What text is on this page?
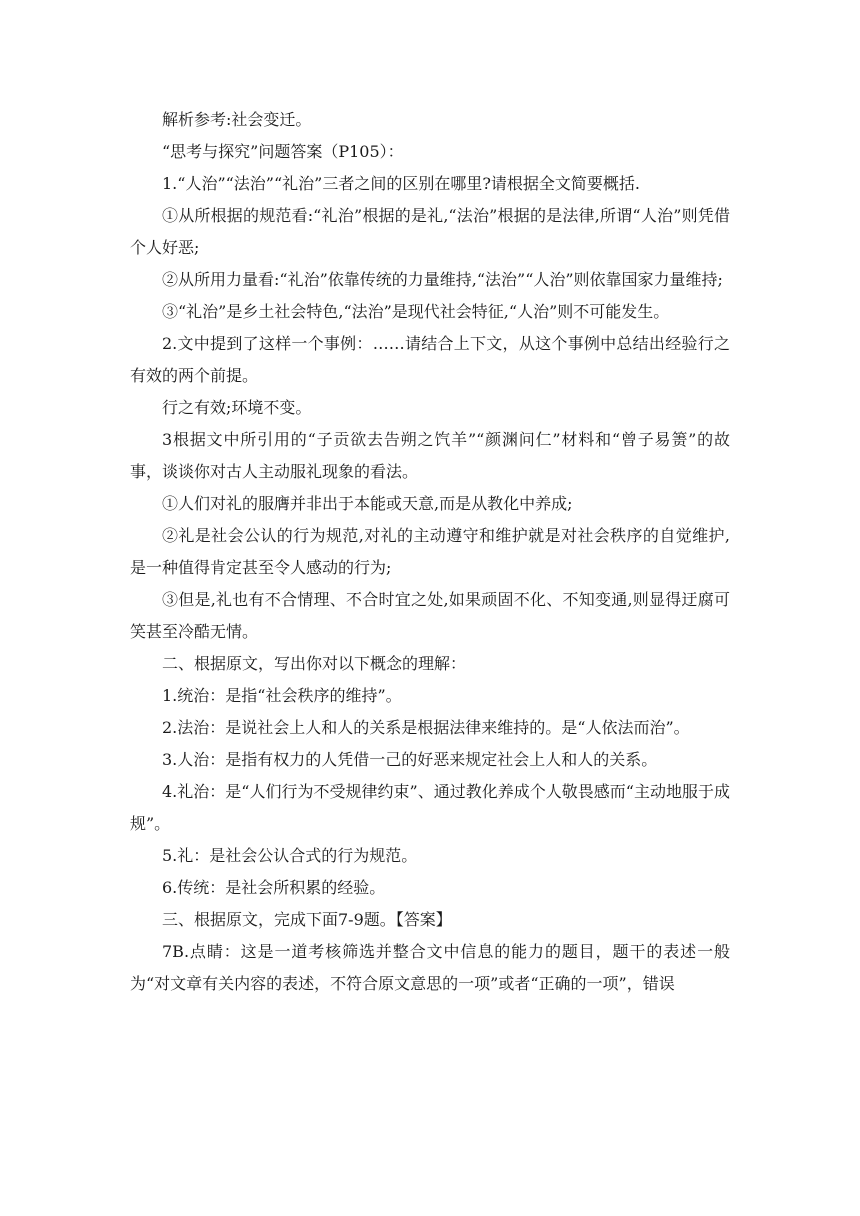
解析参考:社会变迁。

“思考与探究”问题答案（P105）：

1.“人治”“法治”“礼治”三者之间的区别在哪里?请根据全文简要概括.

①从所根据的规范看:“礼治”根据的是礼,“法治”根据的是法律,所谓“人治”则凭借个人好恶;

②从所用力量看:“礼治”依靠传统的力量维持,“法治”“人治”则依靠国家力量维持;

③“礼治”是乡土社会特色,“法治”是现代社会特征,“人治”则不可能发生。

2.文中提到了这样一个事例：……请结合上下文，从这个事例中总结出经验行之有效的两个前提。

行之有效;环境不变。

3根据文中所引用的“子贡欲去告朔之饩羊”“颜渊问仁”材料和“曾子易箦”的故事，谈谈你对古人主动服礼现象的看法。

①人们对礼的服膺并非出于本能或天意,而是从教化中养成;

②礼是社会公认的行为规范,对礼的主动遵守和维护就是对社会秩序的自觉维护,是一种值得肯定甚至令人感动的行为;

③但是,礼也有不合情理、不合时宜之处,如果顽固不化、不知变通,则显得迂腐可笑甚至冷酷无情。

二、根据原文，写出你对以下概念的理解：

1.统治：是指“社会秩序的维持”。

2.法治：是说社会上人和人的关系是根据法律来维持的。是“人依法而治”。

3.人治：是指有权力的人凭借一己的好恶来规定社会上人和人的关系。

4.礼治：是“人们行为不受规律约束”、通过教化养成个人敬畏感而“主动地服于成规”。

5.礼：是社会公认合式的行为规范。

6.传统：是社会所积累的经验。

三、根据原文，完成下面7-9题。【答案】

7B.点睛：这是一道考核筛选并整合文中信息的能力的题目，题干的表述一般为“对文章有关内容的表述，不符合原文意思的一项”或者“正确的一项”，错误
